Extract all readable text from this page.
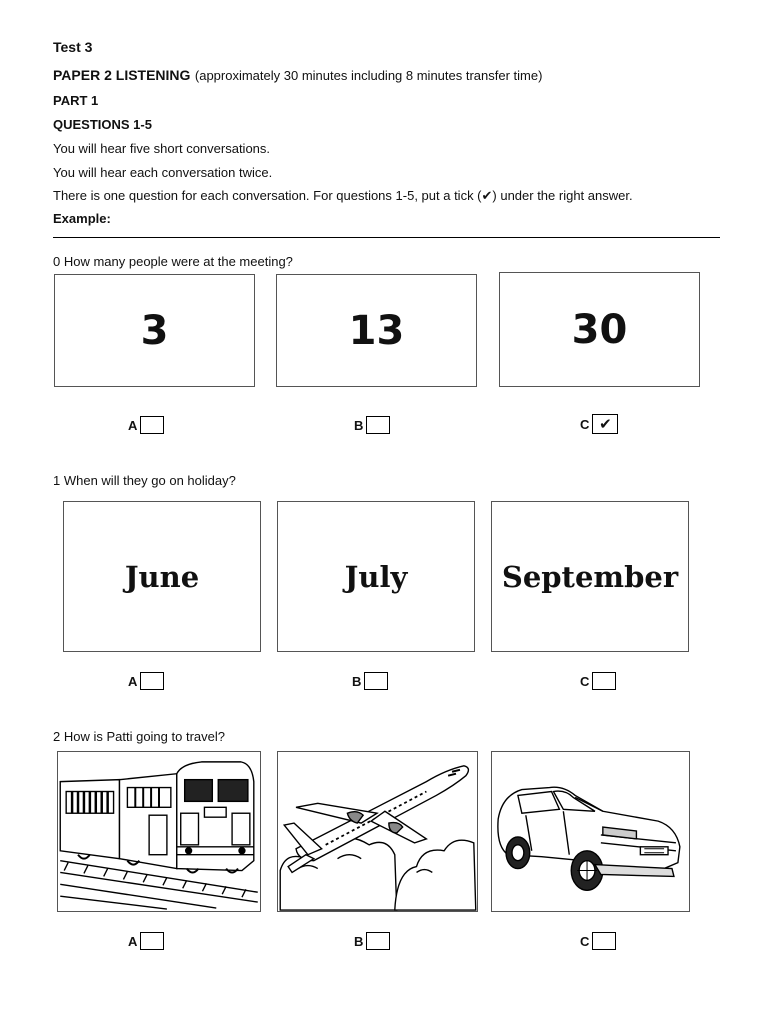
Test 3
PAPER 2 LISTENING (approximately 30 minutes including 8 minutes transfer time)
PART 1
QUESTIONS 1-5
You will hear five short conversations.
You will hear each conversation twice.
There is one question for each conversation. For questions 1-5, put a tick (✔) under the right answer.
Example:
0 How many people were at the meeting?
3	13	30
A	B	C ✔
1 When will they go on holiday?
June	July	September
A	B	C
2 How is Patti going to travel?
A	B	C
